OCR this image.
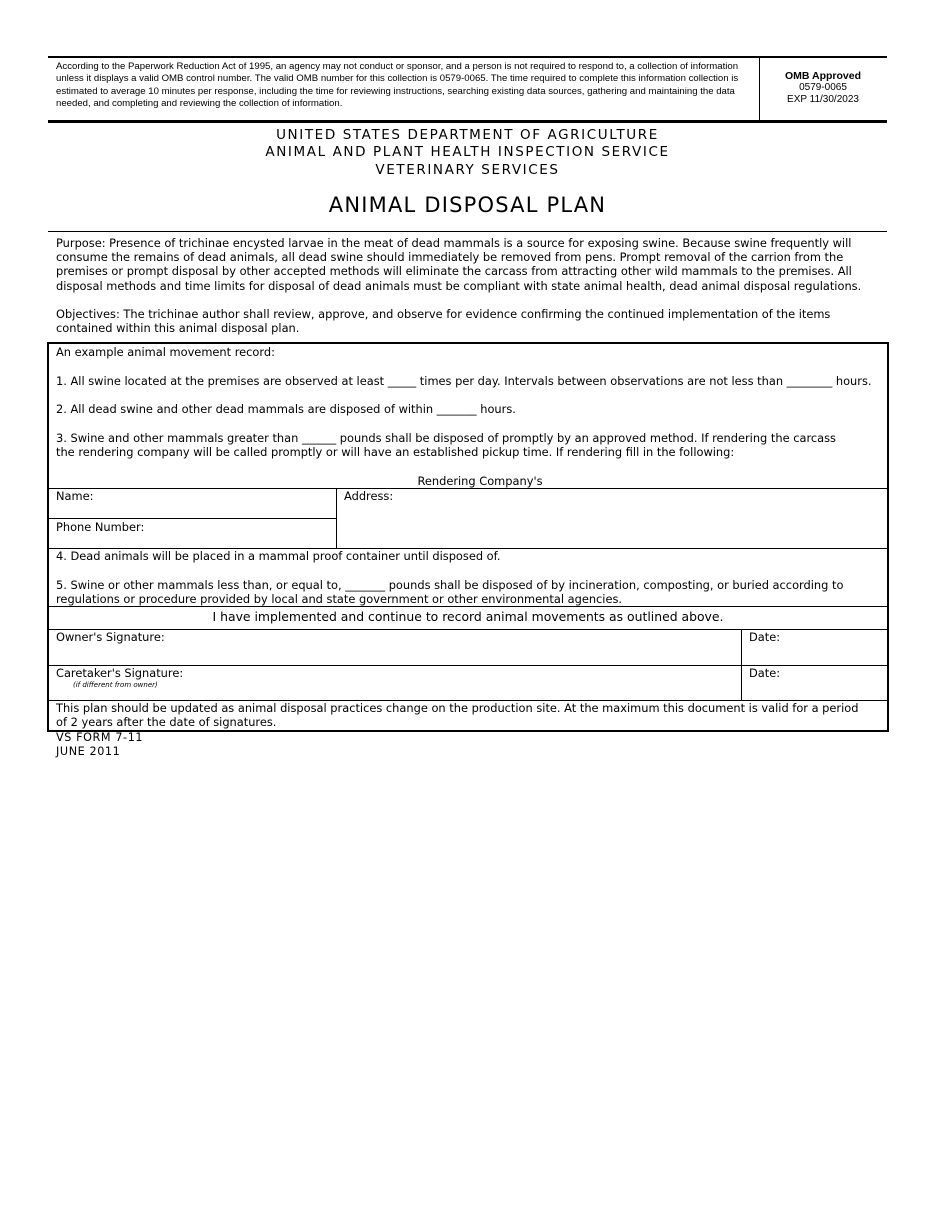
According to the Paperwork Reduction Act of 1995, an agency may not conduct or sponsor, and a person is not required to respond to, a collection of information unless it displays a valid OMB control number. The valid OMB number for this collection is 0579-0065. The time required to complete this information collection is estimated to average 10 minutes per response, including the time for reviewing instructions, searching existing data sources, gathering and maintaining the data needed, and completing and reviewing the collection of information.
OMB Approved
0579-0065
EXP 11/30/2023
UNITED STATES DEPARTMENT OF AGRICULTURE
ANIMAL AND PLANT HEALTH INSPECTION SERVICE
VETERINARY SERVICES
ANIMAL DISPOSAL PLAN
Purpose: Presence of trichinae encysted larvae in the meat of dead mammals is a source for exposing swine. Because swine frequently will consume the remains of dead animals, all dead swine should immediately be removed from pens. Prompt removal of the carrion from the premises or prompt disposal by other accepted methods will eliminate the carcass from attracting other wild mammals to the premises. All disposal methods and time limits for disposal of dead animals must be compliant with state animal health, dead animal disposal regulations.
Objectives: The trichinae author shall review, approve, and observe for evidence confirming the continued implementation of the items contained within this animal disposal plan.
An example animal movement record:
1. All swine located at the premises are observed at least _____ times per day. Intervals between observations are not less than ________ hours.
2. All dead swine and other dead mammals are disposed of within _______ hours.
3. Swine and other mammals greater than ______ pounds shall be disposed of promptly by an approved method. If rendering the carcass the rendering company will be called promptly or will have an established pickup time. If rendering fill in the following:
Rendering Company's
Name:	Address:
Phone Number:
4. Dead animals will be placed in a mammal proof container until disposed of.
5. Swine or other mammals less than, or equal to, _______ pounds shall be disposed of by incineration, composting, or buried according to regulations or procedure provided by local and state government or other environmental agencies.
I have implemented and continue to record animal movements as outlined above.
Owner's Signature:	Date:
Caretaker's Signature:
(if different from owner)
Date:
This plan should be updated as animal disposal practices change on the production site. At the maximum this document is valid for a period of 2 years after the date of signatures.
VS FORM 7-11
JUNE 2011
